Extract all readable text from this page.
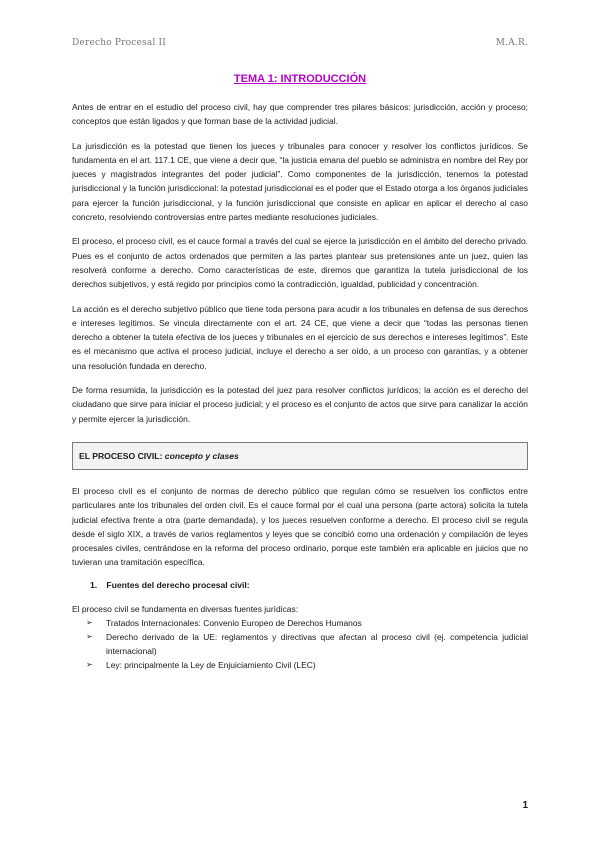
Derecho Procesal II	M.A.R.
TEMA 1: INTRODUCCIÓN

Antes de entrar en el estudio del proceso civil, hay que comprender tres pilares básicos: jurisdicción, acción y proceso; conceptos que están ligados y que forman base de la actividad judicial.

La jurisdicción es la potestad que tienen los jueces y tribunales para conocer y resolver los conflictos jurídicos. Se fundamenta en el art. 117.1 CE, que viene a decir que, “la justicia emana del pueblo se administra en nombre del Rey por jueces y magistrados integrantes del poder judicial”. Como componentes de la jurisdicción, tenemos la potestad jurisdiccional y la función jurisdiccional: la potestad jurisdiccional es el poder que el Estado otorga a los órganos judiciales para ejercer la función jurisdiccional, y la función jurisdiccional que consiste en aplicar en aplicar el derecho al caso concreto, resolviendo controversias entre partes mediante resoluciones judiciales.

El proceso, el proceso civil, es el cauce formal a través del cual se ejerce la jurisdicción en el ámbito del derecho privado. Pues es el conjunto de actos ordenados que permiten a las partes plantear sus pretensiones ante un juez, quien las resolverá conforme a derecho. Como características de este, diremos que garantiza la tutela jurisdiccional de los derechos subjetivos, y está regido por principios como la contradicción, igualdad, publicidad y concentración.

La acción es el derecho subjetivo público que tiene toda persona para acudir a los tribunales en defensa de sus derechos e intereses legítimos. Se vincula directamente con el art. 24 CE, que viene a decir que “todas las personas tienen derecho a obtener la tutela efectiva de los jueces y tribunales en el ejercicio de sus derechos e intereses legítimos”. Este es el mecanismo que activa el proceso judicial, incluye el derecho a ser oído, a un proceso con garantías, y a obtener una resolución fundada en derecho.

De forma resumida, la jurisdicción es la potestad del juez para resolver conflictos jurídicos; la acción es el derecho del ciudadano que sirve para iniciar el proceso judicial; y el proceso es el conjunto de actos que sirve para canalizar la acción y permite ejercer la jurisdicción.

EL PROCESO CIVIL: concepto y clases

El proceso civil es el conjunto de normas de derecho público que regulan cómo se resuelven los conflictos entre particulares ante los tribunales del orden civil. Es el cauce formal por el cual una persona (parte actora) solicita la tutela judicial efectiva frente a otra (parte demandada), y los jueces resuelven conforme a derecho. El proceso civil se regula desde el siglo XIX, a través de varios reglamentos y leyes que se concibió como una ordenación y compilación de leyes procesales civiles, centrándose en la reforma del proceso ordinario, porque este también era aplicable en juicios que no tuvieran una tramitación específica.

1. Fuentes del derecho procesal civil:
El proceso civil se fundamenta en diversas fuentes jurídicas:
➢ Tratados Internacionales: Convenio Europeo de Derechos Humanos
➢ Derecho derivado de la UE: reglamentos y directivas que afectan al proceso civil (ej. competencia judicial internacional)
➢ Ley: principalmente la Ley de Enjuiciamiento Civil (LEC)
1
